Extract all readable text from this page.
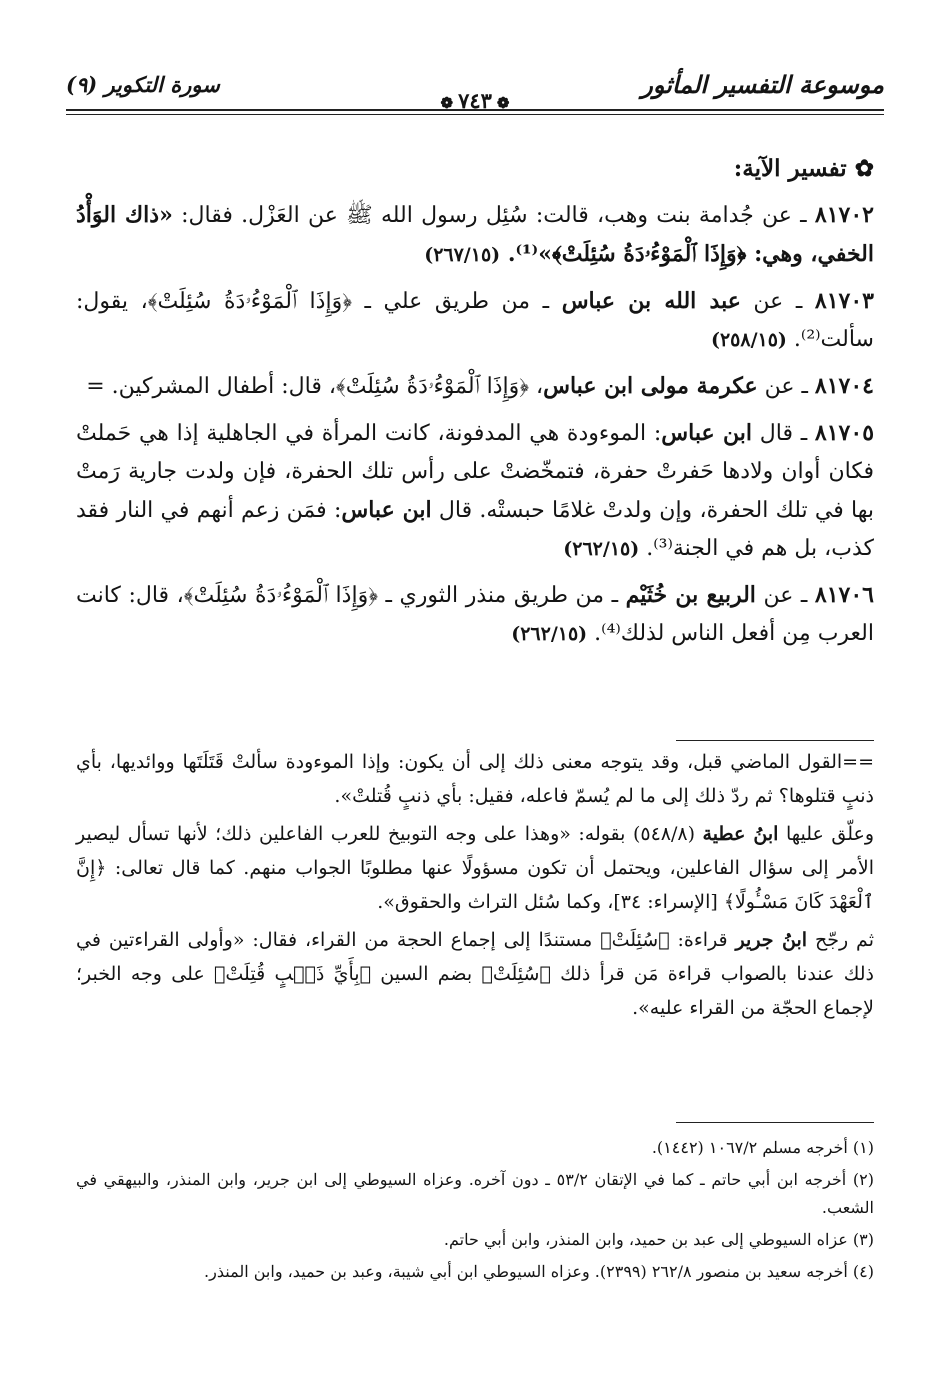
موسوعة التفسير المأثور
❁ ٧٤٣ ❁
سورة التكوير (٩)
✿ تفسير الآية:

٨١٧٠٢ ـ عن جُدامة بنت وهب، قالت: سُئِل رسول الله ﷺ عن العَزْل. فقال: «ذاك الوَأْدُ الخفي، وهي: ﴿وَإِذَا ٱلْمَوْءُۥدَةُ سُئِلَتْ﴾»⁽¹⁾. (٢٦٧/١٥)

٨١٧٠٣ ـ عن عبد الله بن عباس ـ من طريق علي ـ ﴿وَإِذَا ٱلْمَوْءُۥدَةُ سُئِلَتْ﴾، يقول: سألت⁽²⁾. (٢٥٨/١٥)

٨١٧٠٤ ـ عن عكرمة مولى ابن عباس، ﴿وَإِذَا ٱلْمَوْءُۥدَةُ سُئِلَتْ﴾، قال: أطفال المشركين. =

٨١٧٠٥ ـ قال ابن عباس: الموءودة هي المدفونة، كانت المرأة في الجاهلية إذا هي حَملتْ فكان أوان ولادها حَفرتْ حفرة، فتمخّضتْ على رأس تلك الحفرة، فإن ولدت جارية رَمتْ بها في تلك الحفرة، وإن ولدتْ غلامًا حبستْه. قال ابن عباس: فمَن زعم أنهم في النار فقد كذب، بل هم في الجنة⁽³⁾. (٢٦٢/١٥)

٨١٧٠٦ ـ عن الربيع بن خُثَيْم ـ من طريق منذر الثوري ـ ﴿وَإِذَا ٱلْمَوْءُۥدَةُ سُئِلَتْ﴾، قال: كانت العرب مِن أفعل الناس لذلك⁽⁴⁾. (٢٦٢/١٥)

==القول الماضي قبل، وقد يتوجه معنى ذلك إلى أن يكون: وإذا الموءودة سألتْ قَتَلَتَها ووائديها، بأي ذنبٍ قتلوها؟ ثم ردّ ذلك إلى ما لم يُسمّ فاعله، فقيل: بأي ذنبٍ قُتلتْ».

وعلّق عليها ابنُ عطية (٥٤٨/٨) بقوله: «وهذا على وجه التوبيخ للعرب الفاعلين ذلك؛ لأنها تسأل ليصير الأمر إلى سؤال الفاعلين، ويحتمل أن تكون مسؤولًا عنها مطلوبًا الجواب منهم. كما قال تعالى: ﴿إِنَّ ٱلْعَهْدَ كَانَ مَسْـُٔولًا﴾ [الإسراء: ٣٤]، وكما سُئل التراث والحقوق».

ثم رجّح ابنُ جرير قراءة: ﴿سُئِلَتْ﴾ مستندًا إلى إجماع الحجة من القراء، فقال: «وأولى القراءتين في ذلك عندنا بالصواب قراءة مَن قرأ ذلك ﴿سُئِلَتْ﴾ بضم السين ﴿بِأَيِّ ذَنۢبٍ قُتِلَتْ﴾ على وجه الخبر؛ لإجماع الحجّة من القراء عليه».

(١) أخرجه مسلم ١٠٦٧/٢ (١٤٤٢).

(٢) أخرجه ابن أبي حاتم ـ كما في الإتقان ٥٣/٢ ـ دون آخره. وعزاه السيوطي إلى ابن جرير، وابن المنذر، والبيهقي في الشعب.

(٣) عزاه السيوطي إلى عبد بن حميد، وابن المنذر، وابن أبي حاتم.

(٤) أخرجه سعيد بن منصور ٢٦٢/٨ (٢٣٩٩). وعزاه السيوطي ابن أبي شيبة، وعبد بن حميد، وابن المنذر.
